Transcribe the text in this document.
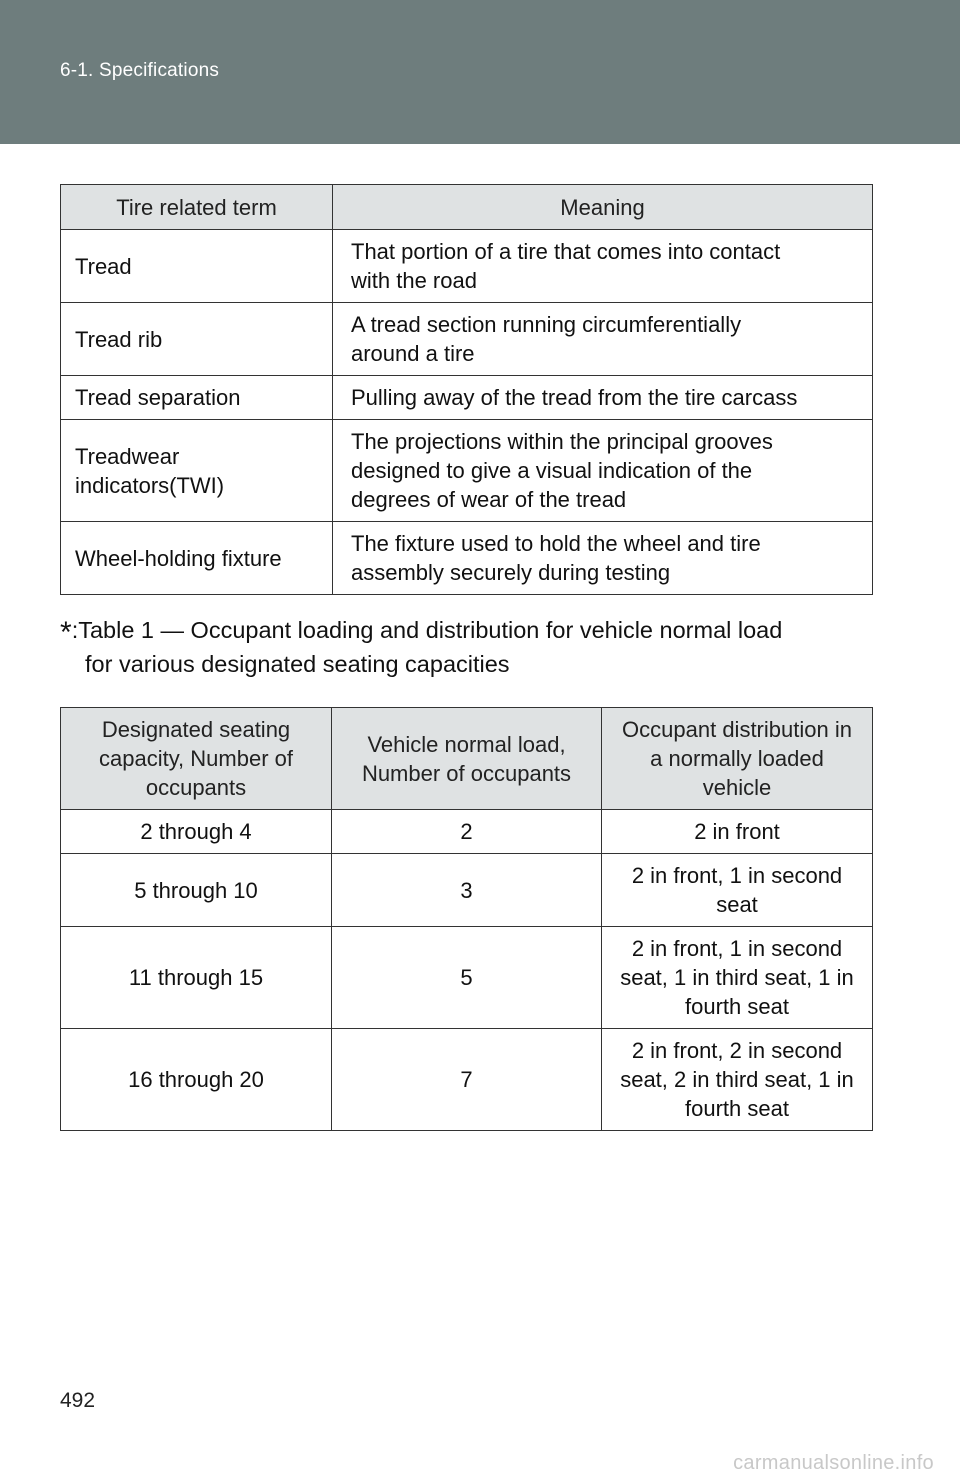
6-1. Specifications
Tire related term	Meaning
Tread	That portion of a tire that comes into contact
with the road
Tread rib	A tread section running circumferentially
around a tire
Tread separation	Pulling away of the tread from the tire carcass
Treadwear indicators(TWI)	The projections within the principal grooves
designed to give a visual indication of the
degrees of wear of the tread
Wheel-holding fixture	The fixture used to hold the wheel and tire
assembly securely during testing
*:Table 1 — Occupant loading and distribution for vehicle normal load
for various designated seating capacities
Designated seating capacity, Number of occupants	Vehicle normal load, Number of occupants	Occupant distribution in a normally loaded vehicle
2 through 4	2	2 in front
5 through 10	3	2 in front, 1 in second seat
11 through 15	5	2 in front, 1 in second seat, 1 in third seat, 1 in fourth seat
16 through 20	7	2 in front, 2 in second seat, 2 in third seat, 1 in fourth seat
492
carmanualsonline.info
